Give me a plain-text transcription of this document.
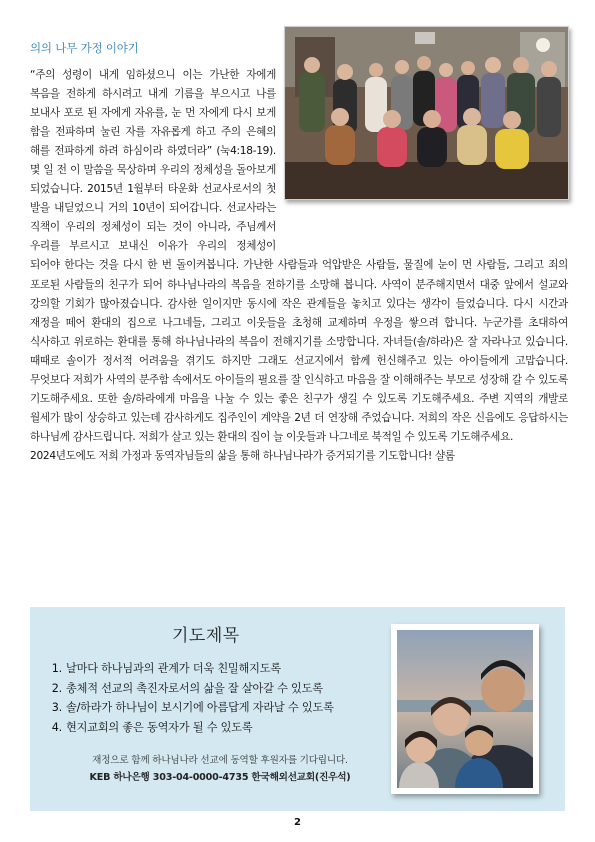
의의 나무 가정 이야기

“주의 성령이 내게 임하셨으니 이는 가난한 자에게 복음을 전하게 하시려고 내게 기름을 부으시고 나를 보내사 포로 된 자에게 자유를, 눈 먼 자에게 다시 보게 함을 전파하며 눌린 자를 자유롭게 하고 주의 은혜의 해를 전파하게 하려 하심이라 하였더라” (눅4:18-19). 몇 일 전 이 말씀을 묵상하며 우리의 정체성을 돌아보게 되었습니다. 2015년 1월부터 타운화 선교사로서의 첫 발을 내딛었으니 거의 10년이 되어갑니다. 선교사라는 직책이 우리의 정체성이 되는 것이 아니라, 주님께서 우리를 부르시고 보내신 이유가 우리의 정체성이 되어야 한다는 것을 다시 한 번 돌이켜봅니다. 가난한 사람들과 억압받은 사람들, 물질에 눈이 먼 사람들, 그리고 죄의 포로된 사람들의 친구가 되어 하나님나라의 복음을 전하기를 소망해 봅니다. 사역이 분주해지면서 대중 앞에서 설교와 강의할 기회가 많아졌습니다. 감사한 일이지만 동시에 작은 관계들을 놓치고 있다는 생각이 들었습니다. 다시 시간과 재정을 떼어 환대의 집으로 나그네들, 그리고 이웃들을 초청해 교제하며 우정을 쌓으려 합니다. 누군가를 초대하여 식사하고 위로하는 환대를 통해 하나님나라의 복음이 전해지기를 소망합니다. 자녀들(솔/하라)은 잘 자라나고 있습니다. 때때로 솔이가 정서적 어려움을 겪기도 하지만 그래도 선교지에서 함께 헌신해주고 있는 아이들에게 고맙습니다. 무엇보다 저희가 사역의 분주함 속에서도 아이들의 필요를 잘 인식하고 마음을 잘 이해해주는 부모로 성장해 갈 수 있도록 기도해주세요. 또한 솔/하라에게 마음을 나눌 수 있는 좋은 친구가 생길 수 있도록 기도해주세요. 주변 지역의 개발로 월세가 많이 상승하고 있는데 감사하게도 집주인이 계약을 2년 더 연장해 주었습니다. 저희의 작은 신음에도 응답하시는 하나님께 감사드립니다. 저희가 살고 있는 환대의 집이 늘 이웃들과 나그네로 북적일 수 있도록 기도해주세요.

2024년도에도 저희 가정과 동역자님들의 삶을 통해 하나님나라가 증거되기를 기도합니다! 샬롬

기도제목
1. 날마다 하나님과의 관계가 더욱 친밀해지도록
2. 총체적 선교의 촉진자로서의 삶을 잘 살아갈 수 있도록
3. 솔/하라가 하나님이 보시기에 아름답게 자라날 수 있도록
4. 현지교회의 좋은 동역자가 될 수 있도록
재정으로 함께 하나님나라 선교에 동역할 후원자를 기다립니다.
KEB 하나은행 303-04-0000-4735 한국해외선교회(진우석)
2
